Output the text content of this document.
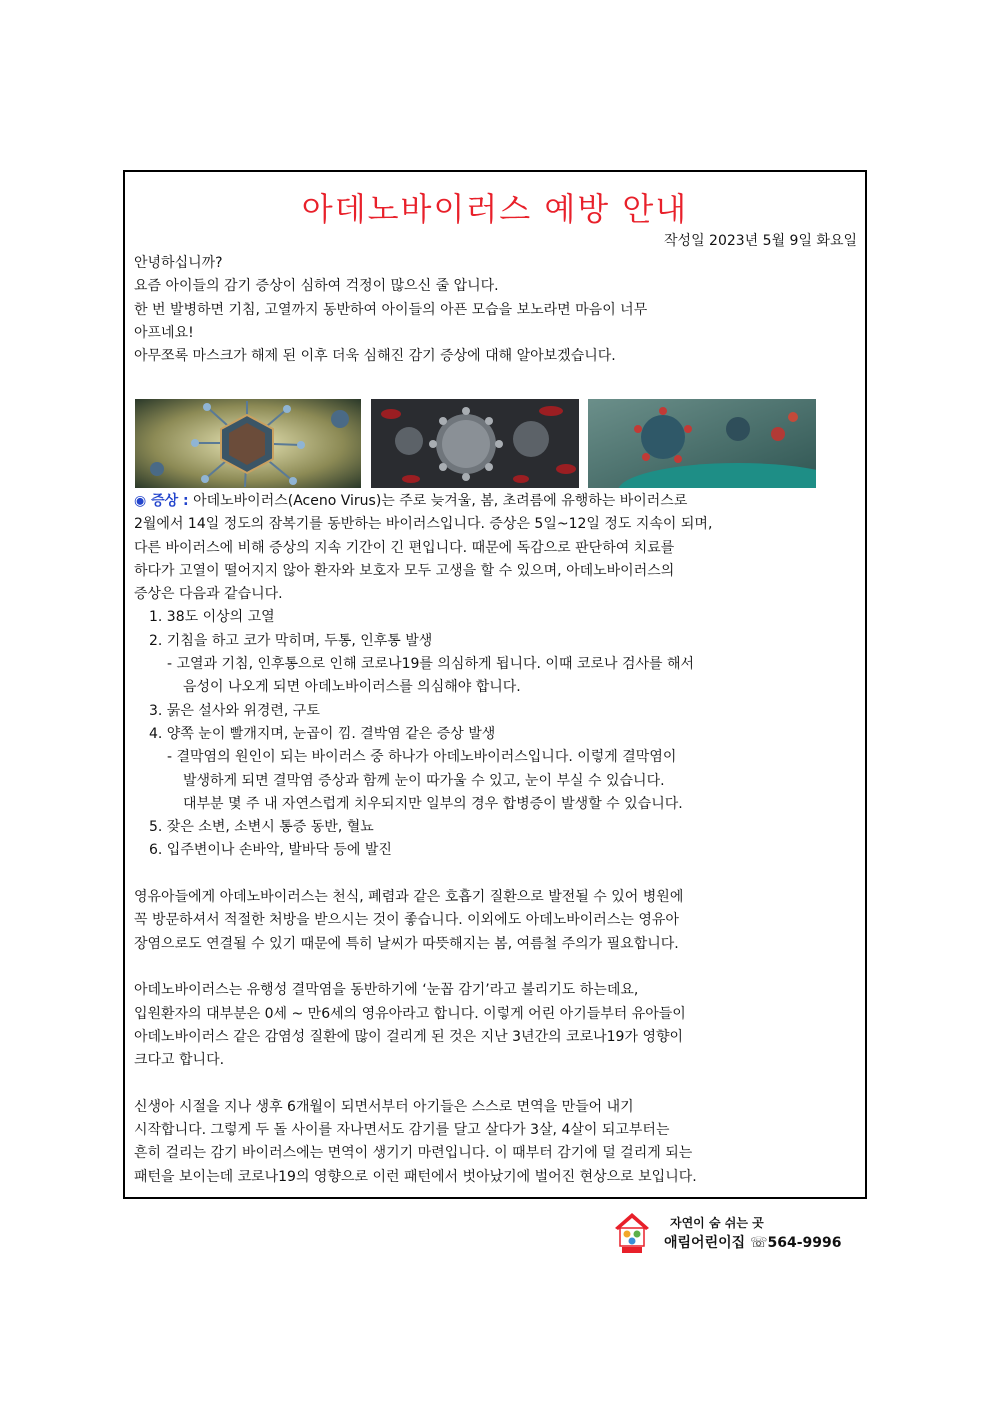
아데노바이러스 예방 안내
작성일 2023년 5월 9일 화요일
안녕하십니까?
요즘 아이들의 감기 증상이 심하여 걱정이 많으신 줄 압니다.
한 번 발병하면 기침, 고열까지 동반하여 아이들의 아픈 모습을 보노라면 마음이 너무
아프네요!
아무쪼록 마스크가 해제 된 이후 더욱 심해진 감기 증상에 대해 알아보겠습니다.
◉ 증상 : 아데노바이러스(Aceno Virus)는 주로 늦겨울, 봄, 초려름에 유행하는 바이러스로
2월에서 14일 정도의 잠복기를 동반하는 바이러스입니다. 증상은 5일~12일 정도 지속이 되며,
다른 바이러스에 비해 증상의 지속 기간이 긴 편입니다. 때문에 독감으로 판단하여 치료를
하다가 고열이 떨어지지 않아 환자와 보호자 모두 고생을 할 수 있으며, 아데노바이러스의
증상은 다음과 같습니다.
1. 38도 이상의 고열
2. 기침을 하고 코가 막히며, 두통, 인후통 발생
- 고열과 기침, 인후통으로 인해 코로나19를 의심하게 됩니다. 이때 코로나 검사를 해서
음성이 나오게 되면 아데노바이러스를 의심해야 합니다.
3. 묽은 설사와 위경련, 구토
4. 양쪽 눈이 빨개지며, 눈곱이 낌. 결박염 같은 증상 발생
- 결막염의 원인이 되는 바이러스 중 하나가 아데노바이러스입니다. 이렇게 결막염이
발생하게 되면 결막염 증상과 함께 눈이 따가울 수 있고, 눈이 부실 수 있습니다.
대부분 몇 주 내 자연스럽게 치우되지만 일부의 경우 합병증이 발생할 수 있습니다.
5. 잦은 소변, 소변시 통증 동반, 혈뇨
6. 입주변이나 손바악, 발바닥 등에 발진
영유아들에게 아데노바이러스는 천식, 폐렴과 같은 호흡기 질환으로 발전될 수 있어 병원에
꼭 방문하셔서 적절한 처방을 받으시는 것이 좋습니다. 이외에도 아데노바이러스는 영유아
장염으로도 연결될 수 있기 때문에 특히 날씨가 따뜻해지는 봄, 여름철 주의가 필요합니다.
아데노바이러스는 유행성 결막염을 동반하기에 ‘눈꼽 감기’라고 불리기도 하는데요,
입원환자의 대부분은 0세 ~ 만6세의 영유아라고 합니다. 이렇게 어린 아기들부터 유아들이
아데노바이러스 같은 감염성 질환에 많이 걸리게 된 것은 지난 3년간의 코로나19가 영향이
크다고 합니다.
신생아 시절을 지나 생후 6개월이 되면서부터 아기들은 스스로 면역을 만들어 내기
시작합니다. 그렇게 두 돌 사이를 자나면서도 감기를 달고 살다가 3살, 4살이 되고부터는
흔히 걸리는 감기 바이러스에는 면역이 생기기 마련입니다. 이 때부터 감기에 덜 걸리게 되는
패턴을 보이는데 코로나19의 영향으로 이런 패턴에서 벗아났기에 벌어진 현상으로 보입니다.
자연이 숨 쉬는 곳
애림어린이집 ☏564-9996
